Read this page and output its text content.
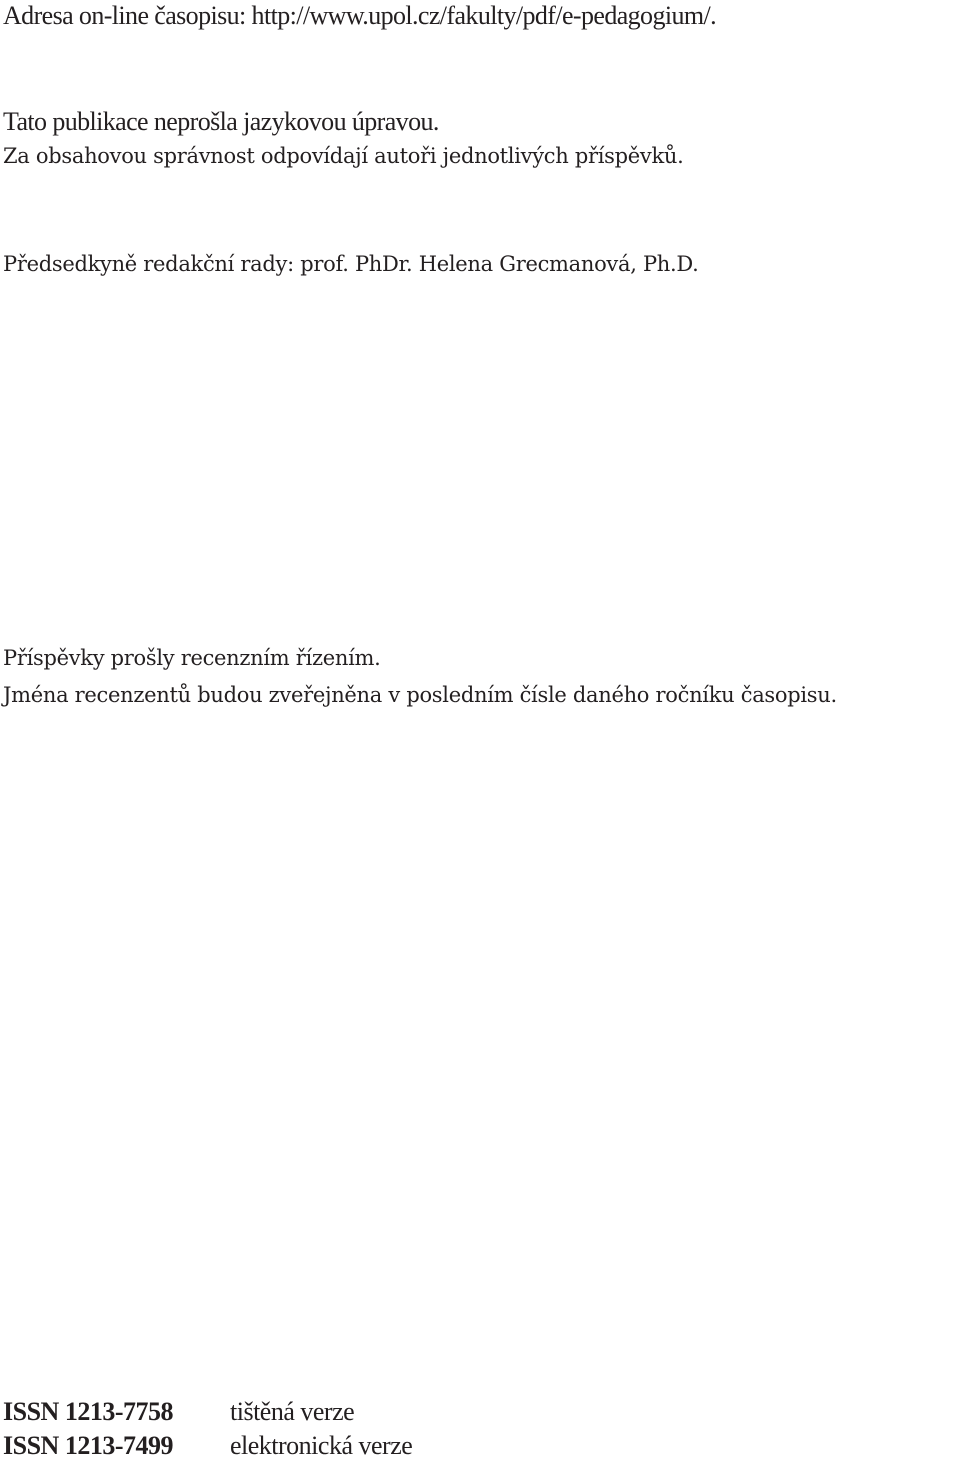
Adresa on-line časopisu: http://www.upol.cz/fakulty/pdf/e-pedagogium/.
Tato publikace neprošla jazykovou úpravou.
Za obsahovou správnost odpovídají autoři jednotlivých příspěvků.
Předsedkyně redakční rady: prof. PhDr. Helena Grecmanová, Ph.D.
Příspěvky prošly recenzním řízením.
Jména recenzentů budou zveřejněna v posledním čísle daného ročníku časopisu.
ISSN 1213-7758 tištěná verze
ISSN 1213-7499 elektronická verze
